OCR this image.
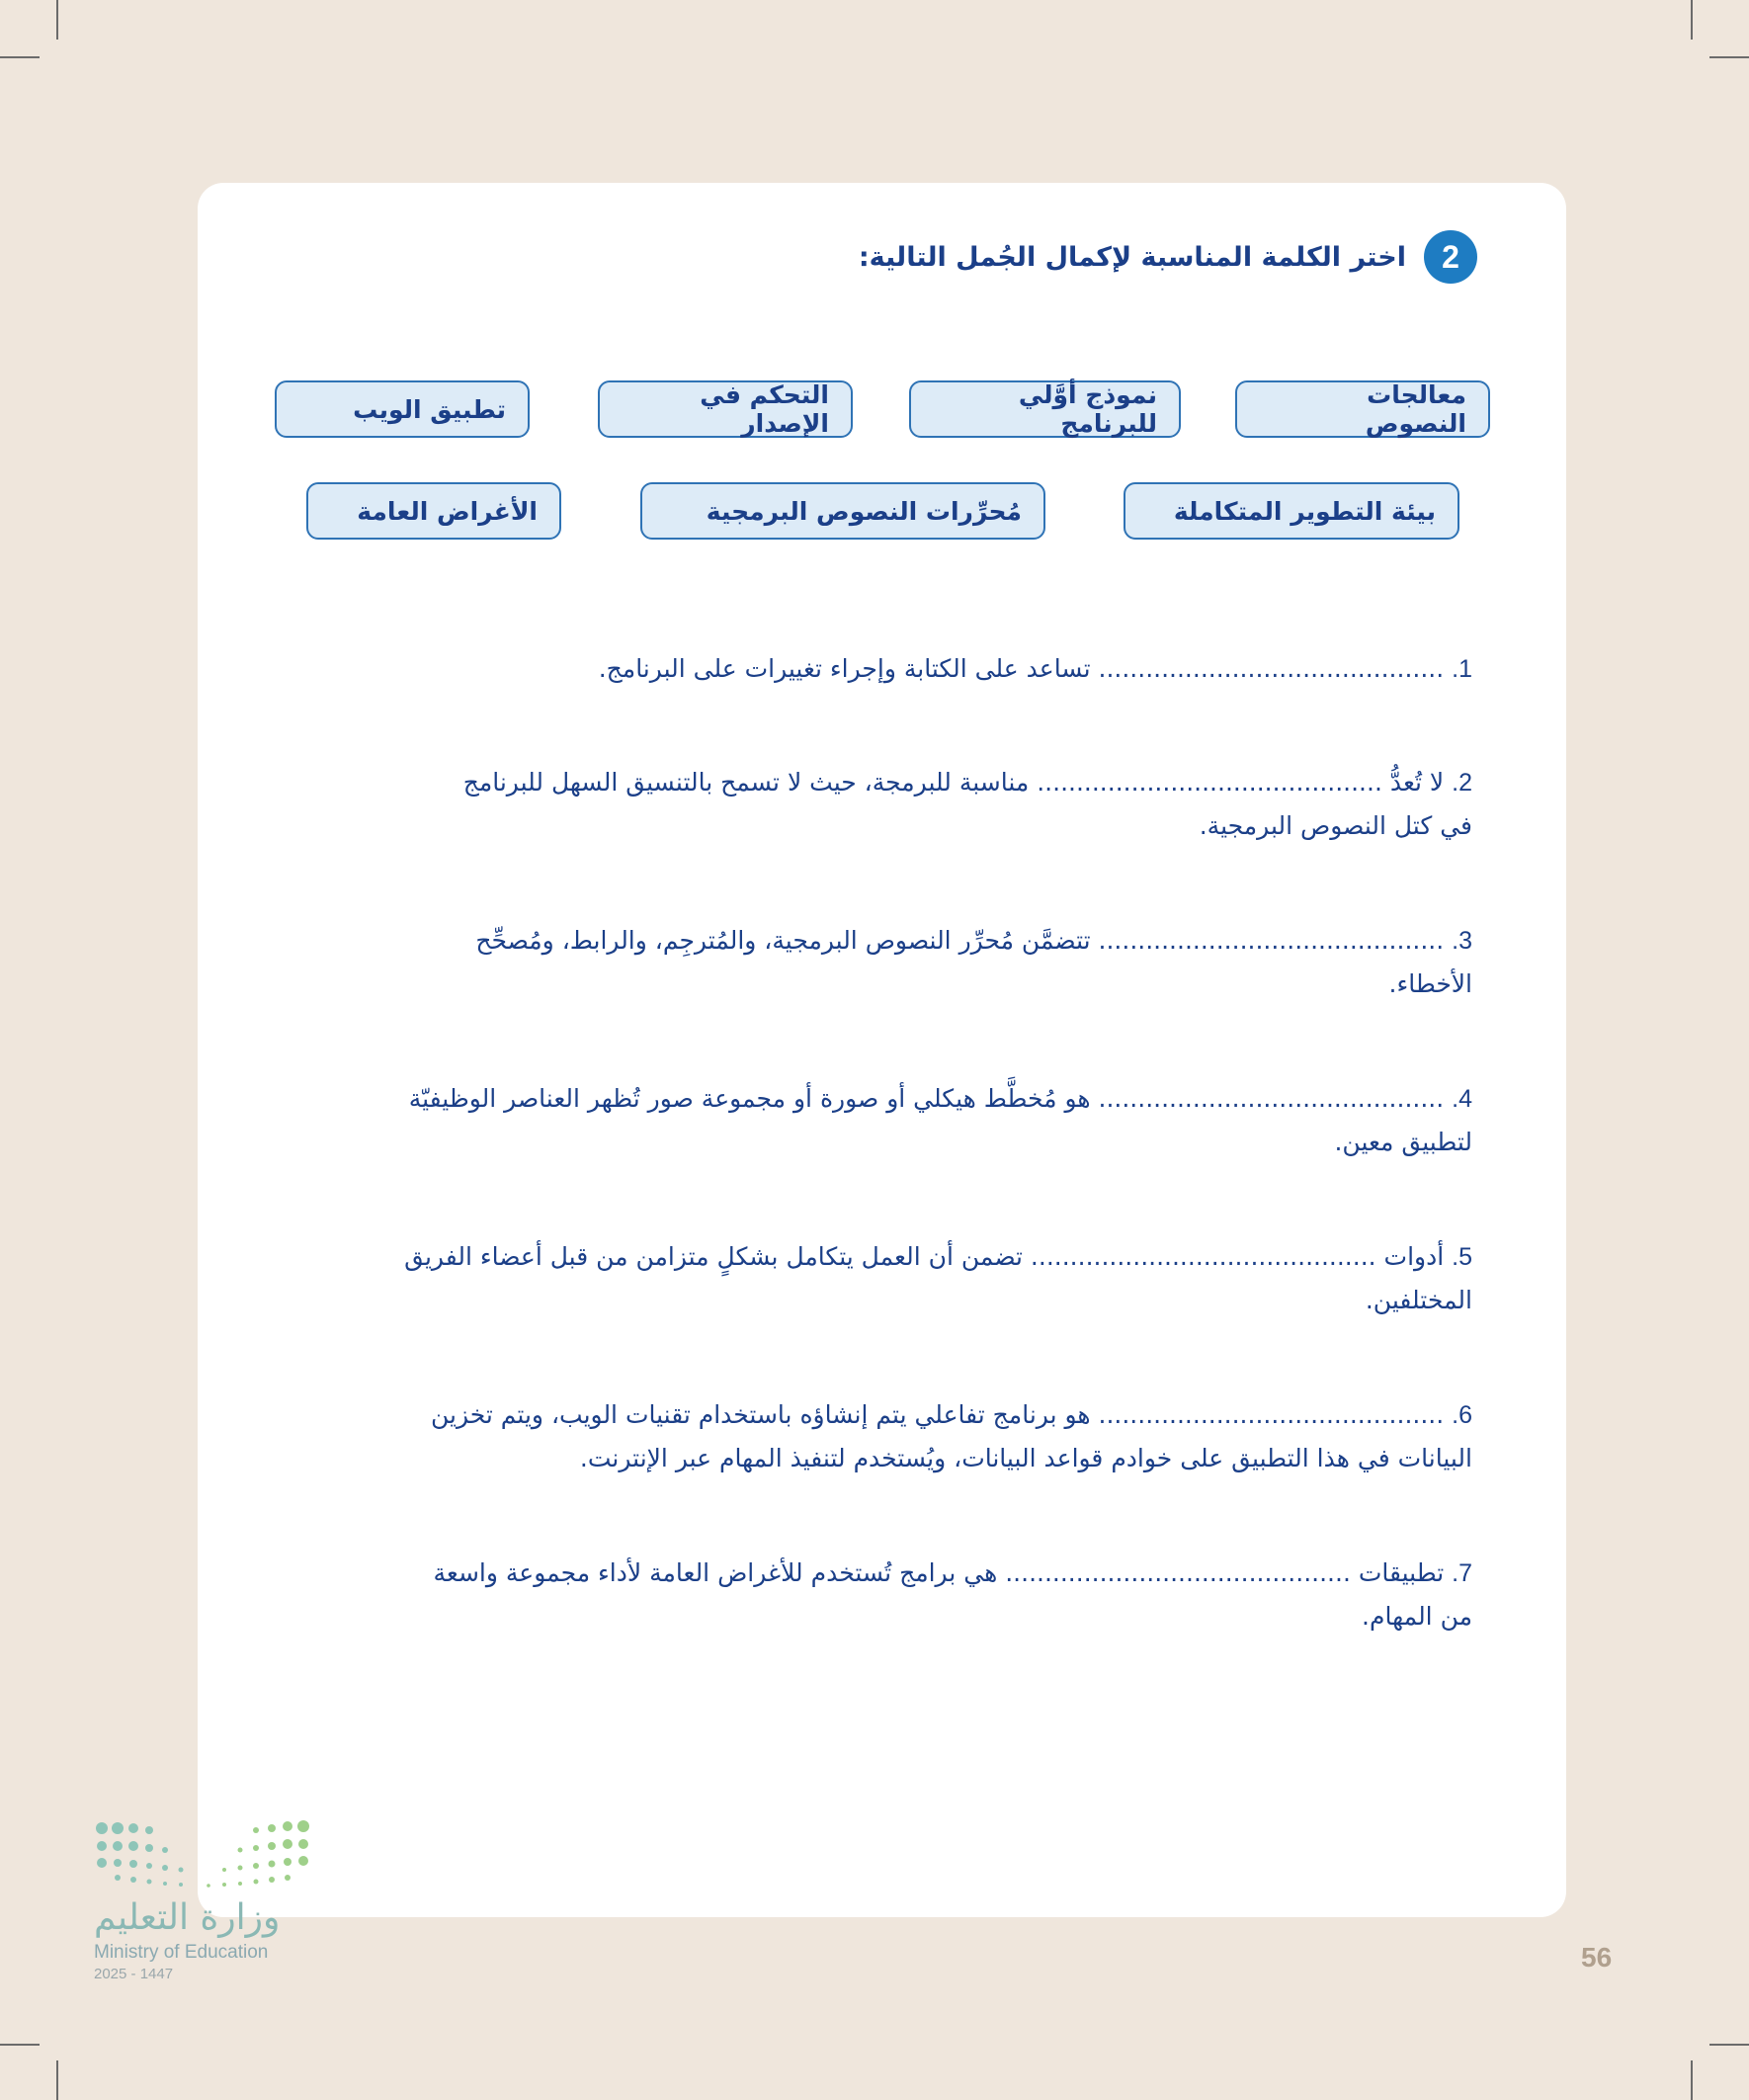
2
اختر الكلمة المناسبة لإكمال الجُمل التالية:
معالجات النصوص
نموذج أوَّلي للبرنامج
التحكم في الإصدار
تطبيق الويب
بيئة التطوير المتكاملة
مُحرِّرات النصوص البرمجية
الأغراض العامة
1. ............................................ تساعد على الكتابة وإجراء تغييرات على البرنامج.

2. لا تُعدُّ ............................................ مناسبة للبرمجة، حيث لا تسمح بالتنسيق السهل للبرنامج
في كتل النصوص البرمجية.
3. ............................................ تتضمَّن مُحرِّر النصوص البرمجية، والمُترجِم، والرابط، ومُصحِّح
الأخطاء.
4. ............................................ هو مُخطَّط هيكلي أو صورة أو مجموعة صور تُظهر العناصر الوظيفيّة
لتطبيق معين.
5. أدوات ............................................ تضمن أن العمل يتكامل بشكلٍ متزامن من قبل أعضاء الفريق
المختلفين.
6. ............................................ هو برنامج تفاعلي يتم إنشاؤه باستخدام تقنيات الويب، ويتم تخزين
البيانات في هذا التطبيق على خوادم قواعد البيانات، ويُستخدم لتنفيذ المهام عبر الإنترنت.
7. تطبيقات ............................................ هي برامج تُستخدم للأغراض العامة لأداء مجموعة واسعة
من المهام.
وزارة التعليم
Ministry of Education
2025 - 1447
56
